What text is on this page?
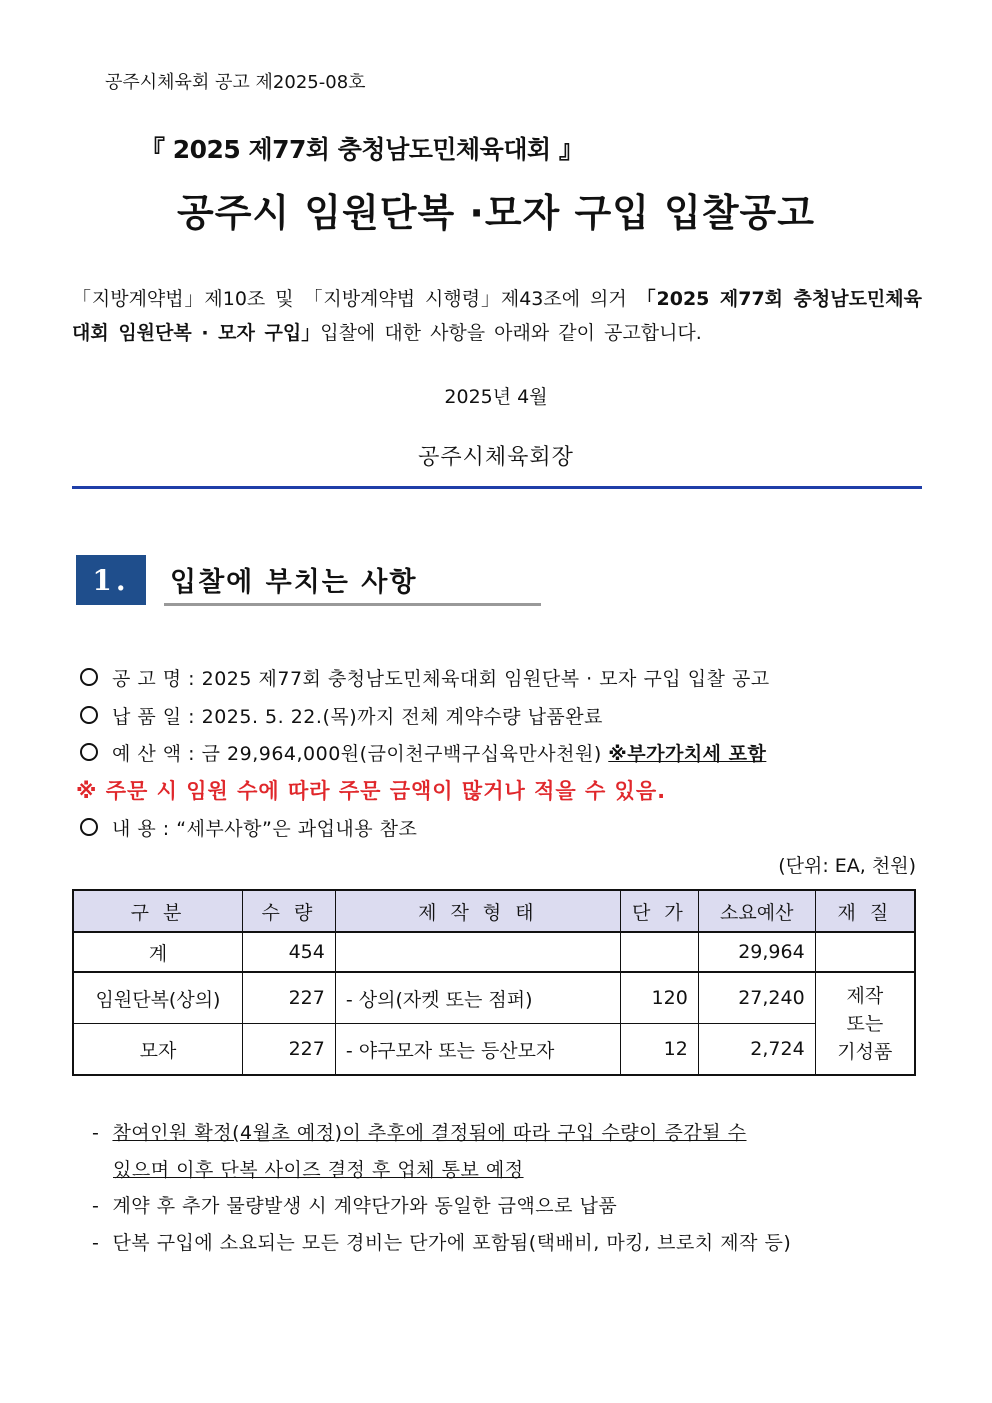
공주시체육회 공고 제2025-08호
『 2025 제77회 충청남도민체육대회 』
공주시 임원단복 ·모자 구입 입찰공고
「지방계약법」제10조 및 「지방계약법 시행령」제43조에 의거 「2025 제77회 충청남도민체육대회 임원단복 · 모자 구입」입찰에 대한 사항을 아래와 같이 공고합니다.
2025년 4월
공주시체육회장
1.	입찰에 부치는 사항
공 고 명 : 2025 제77회 충청남도민체육대회 임원단복 · 모자 구입 입찰 공고
납 품 일 : 2025. 5. 22.(목)까지 전체 계약수량 납품완료
예 산 액 : 금 29,964,000원(금이천구백구십육만사천원) ※부가가치세 포함
※ 주문 시 임원 수에 따라 주문 금액이 많거나 적을 수 있음.
내 용 : “세부사항”은 과업내용 참조
(단위: EA, 천원)
구 분	수 량	제 작 형 태	단 가	소요예산	재 질
계	454			29,964	
임원단복(상의)	227	- 상의(자켓 또는 점퍼)	120	27,240	제작
또는
기성품

모자	227	- 야구모자 또는 등산모자	12	2,724	
- 참여인원 확정(4월초 예정)이 추후에 결정됨에 따라 구입 수량이 증감될 수
있으며 이후 단복 사이즈 결정 후 업체 통보 예정
- 계약 후 추가 물량발생 시 계약단가와 동일한 금액으로 납품
- 단복 구입에 소요되는 모든 경비는 단가에 포함됨(택배비, 마킹, 브로치 제작 등)
